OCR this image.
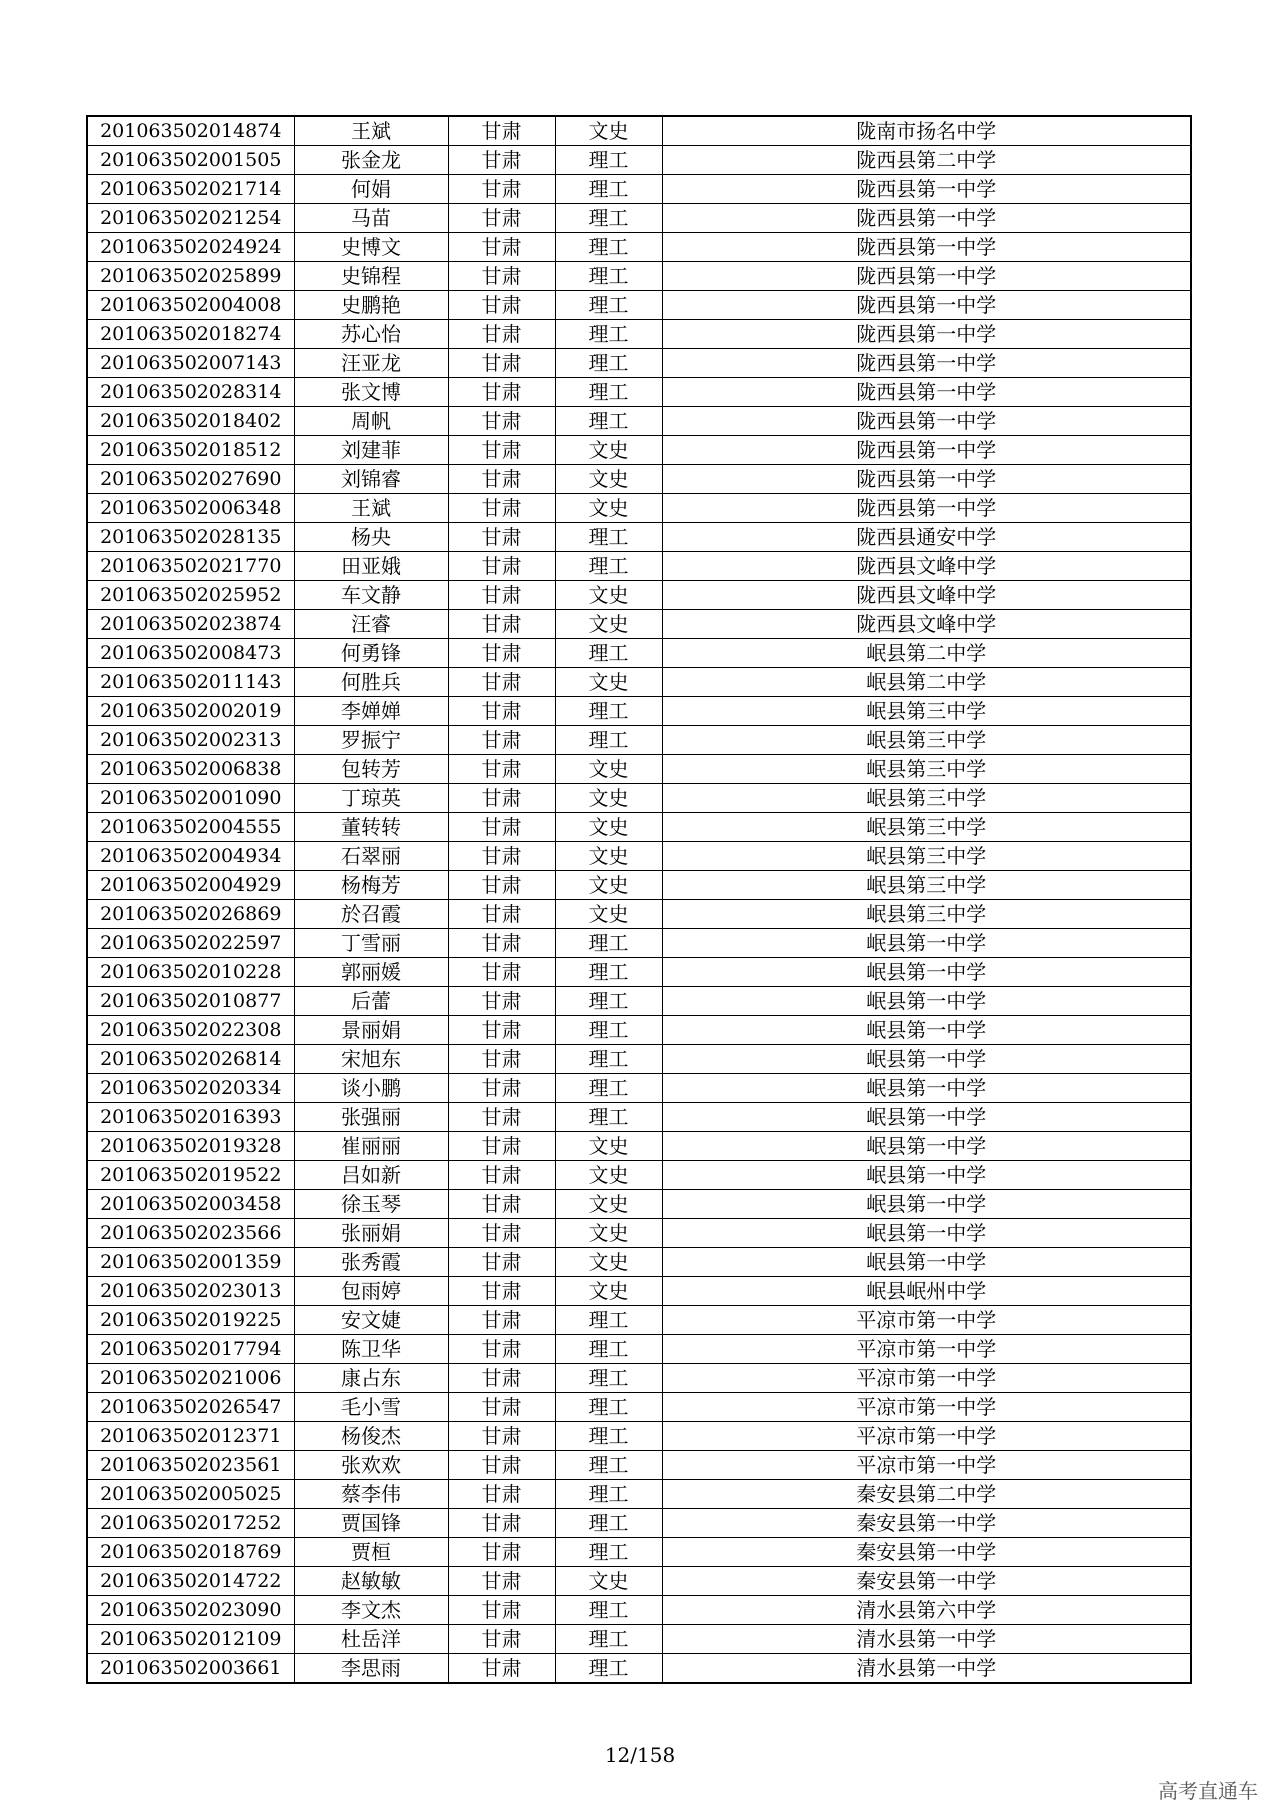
201063502014874	王斌	甘肃	文史	陇南市扬名中学
201063502001505	张金龙	甘肃	理工	陇西县第二中学
201063502021714	何娟	甘肃	理工	陇西县第一中学
201063502021254	马苗	甘肃	理工	陇西县第一中学
201063502024924	史博文	甘肃	理工	陇西县第一中学
201063502025899	史锦程	甘肃	理工	陇西县第一中学
201063502004008	史鹏艳	甘肃	理工	陇西县第一中学
201063502018274	苏心怡	甘肃	理工	陇西县第一中学
201063502007143	汪亚龙	甘肃	理工	陇西县第一中学
201063502028314	张文博	甘肃	理工	陇西县第一中学
201063502018402	周帆	甘肃	理工	陇西县第一中学
201063502018512	刘建菲	甘肃	文史	陇西县第一中学
201063502027690	刘锦睿	甘肃	文史	陇西县第一中学
201063502006348	王斌	甘肃	文史	陇西县第一中学
201063502028135	杨央	甘肃	理工	陇西县通安中学
201063502021770	田亚娥	甘肃	理工	陇西县文峰中学
201063502025952	车文静	甘肃	文史	陇西县文峰中学
201063502023874	汪睿	甘肃	文史	陇西县文峰中学
201063502008473	何勇锋	甘肃	理工	岷县第二中学
201063502011143	何胜兵	甘肃	文史	岷县第二中学
201063502002019	李婵婵	甘肃	理工	岷县第三中学
201063502002313	罗振宁	甘肃	理工	岷县第三中学
201063502006838	包转芳	甘肃	文史	岷县第三中学
201063502001090	丁琼英	甘肃	文史	岷县第三中学
201063502004555	董转转	甘肃	文史	岷县第三中学
201063502004934	石翠丽	甘肃	文史	岷县第三中学
201063502004929	杨梅芳	甘肃	文史	岷县第三中学
201063502026869	於召霞	甘肃	文史	岷县第三中学
201063502022597	丁雪丽	甘肃	理工	岷县第一中学
201063502010228	郭丽媛	甘肃	理工	岷县第一中学
201063502010877	后蕾	甘肃	理工	岷县第一中学
201063502022308	景丽娟	甘肃	理工	岷县第一中学
201063502026814	宋旭东	甘肃	理工	岷县第一中学
201063502020334	谈小鹏	甘肃	理工	岷县第一中学
201063502016393	张强丽	甘肃	理工	岷县第一中学
201063502019328	崔丽丽	甘肃	文史	岷县第一中学
201063502019522	吕如新	甘肃	文史	岷县第一中学
201063502003458	徐玉琴	甘肃	文史	岷县第一中学
201063502023566	张丽娟	甘肃	文史	岷县第一中学
201063502001359	张秀霞	甘肃	文史	岷县第一中学
201063502023013	包雨婷	甘肃	文史	岷县岷州中学
201063502019225	安文婕	甘肃	理工	平凉市第一中学
201063502017794	陈卫华	甘肃	理工	平凉市第一中学
201063502021006	康占东	甘肃	理工	平凉市第一中学
201063502026547	毛小雪	甘肃	理工	平凉市第一中学
201063502012371	杨俊杰	甘肃	理工	平凉市第一中学
201063502023561	张欢欢	甘肃	理工	平凉市第一中学
201063502005025	蔡李伟	甘肃	理工	秦安县第二中学
201063502017252	贾国锋	甘肃	理工	秦安县第一中学
201063502018769	贾桓	甘肃	理工	秦安县第一中学
201063502014722	赵敏敏	甘肃	文史	秦安县第一中学
201063502023090	李文杰	甘肃	理工	清水县第六中学
201063502012109	杜岳洋	甘肃	理工	清水县第一中学
201063502003661	李思雨	甘肃	理工	清水县第一中学
12/158
高考直通车
